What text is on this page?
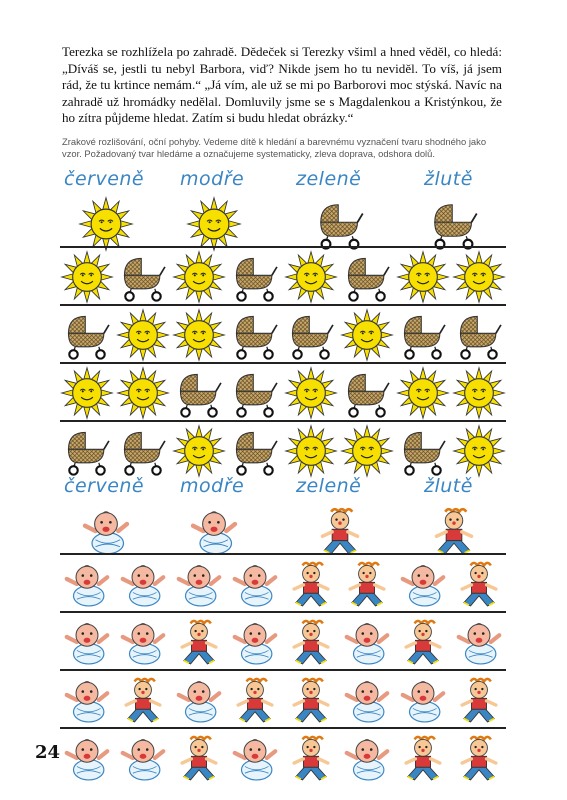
Terezka se rozhlížela po zahradě. Dědeček si Terezky všiml a hned věděl, co hledá: „Díváš se, jestli tu nebyl Barbora, viď? Nikde jsem ho tu neviděl. To víš, já jsem rád, že tu krtince nemám.“ „Já vím, ale už se mi po Barborovi moc stýská. Navíc na zahradě už hromádky nedělal. Domluvily jsme se s Magdalenkou a Kristýnkou, že ho zítra půjdeme hledat. Zatím si budu hledat obrázky.“
Zrakové rozlišování, oční pohyby. Vedeme dítě k hledání a barevnému vyznačení tvaru shodného jako vzor. Požadovaný tvar hledáme a označujeme systematicky, zleva doprava, odshora dolů.
červeně modře	zeleně	žlutě
červeně modře	zeleně	žlutě
24
